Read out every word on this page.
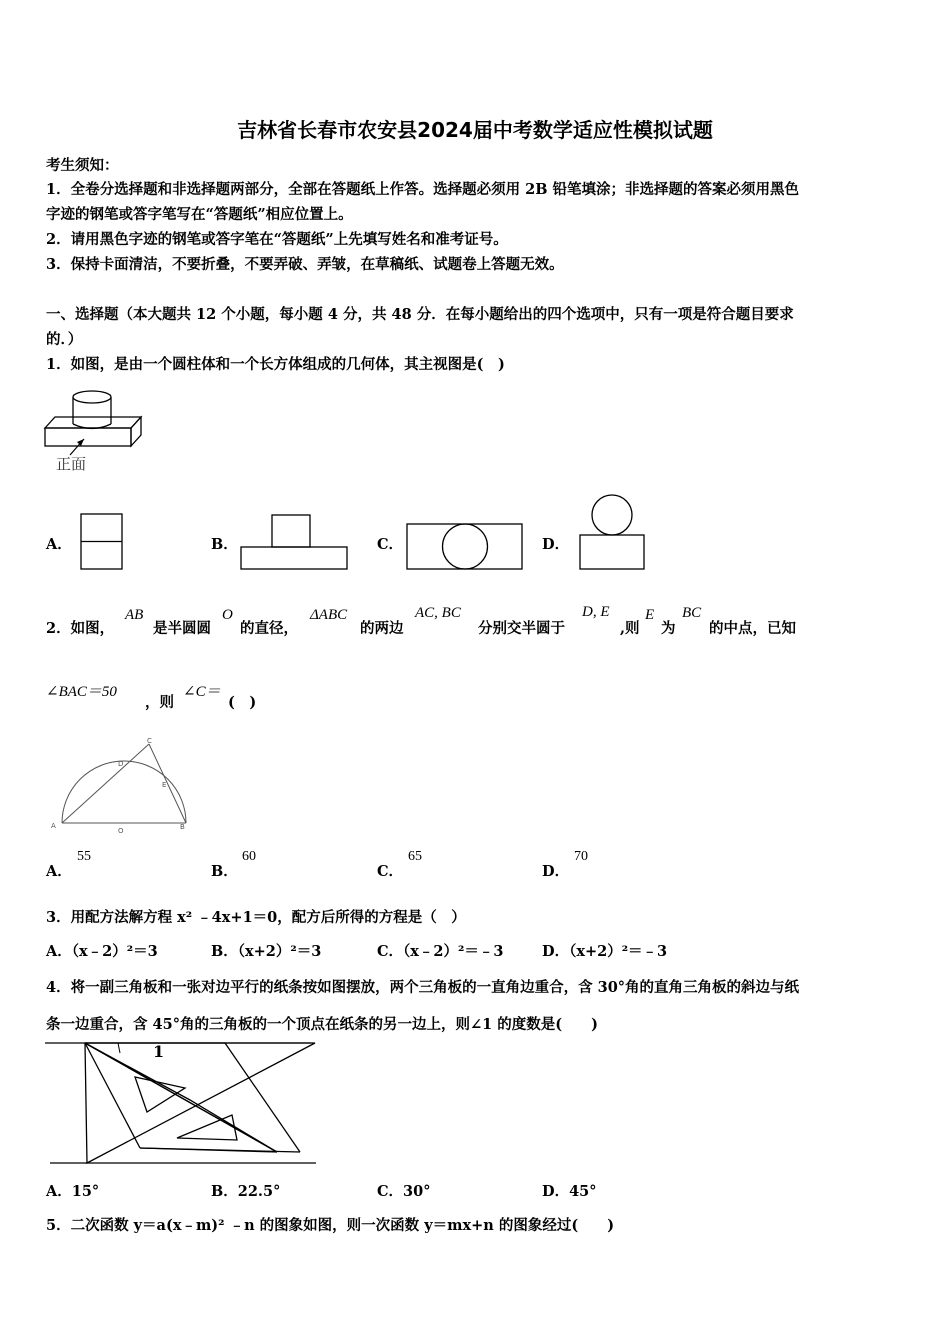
吉林省长春市农安县2024届中考数学适应性模拟试题
考生须知：
1．全卷分选择题和非选择题两部分，全部在答题纸上作答。选择题必须用 2B 铅笔填涂；非选择题的答案必须用黑色
字迹的钢笔或答字笔写在“答题纸”相应位置上。
2．请用黑色字迹的钢笔或答字笔在“答题纸”上先填写姓名和准考证号。
3．保持卡面清洁，不要折叠，不要弄破、弄皱，在草稿纸、试题卷上答题无效。
一、选择题（本大题共 12 个小题，每小题 4 分，共 48 分．在每小题给出的四个选项中，只有一项是符合题目要求
的．）
1．如图，是由一个圆柱体和一个长方体组成的几何体，其主视图是(　)
正面
A．	B．	C．	D．
2．如图，
AB
是半圆圆
O
的直径，
ΔABC
的两边
AC, BC
分别交半圆于
D, E
,则
E
为
BC
的中点，已知
∠BAC＝50
，则
∠C＝
(　)
A	B
C
D
E
O
A．
55
B．
60
C．
65
D．
70
3．用配方法解方程 x² ﹣4x+1＝0，配方后所得的方程是（　）
A．（x﹣2）²＝3	B．（x+2）²＝3	C．（x﹣2）²＝﹣3	D．（x+2）²＝﹣3
4．将一副三角板和一张对边平行的纸条按如图摆放，两个三角板的一直角边重合，含 30°角的直角三角板的斜边与纸
条一边重合，含 45°角的三角板的一个顶点在纸条的另一边上，则∠1 的度数是(　　)
1
A．15°	B．22.5°	C．30°	D．45°
5．二次函数 y＝a(x﹣m)² ﹣n 的图象如图，则一次函数 y＝mx+n 的图象经过(　　)
